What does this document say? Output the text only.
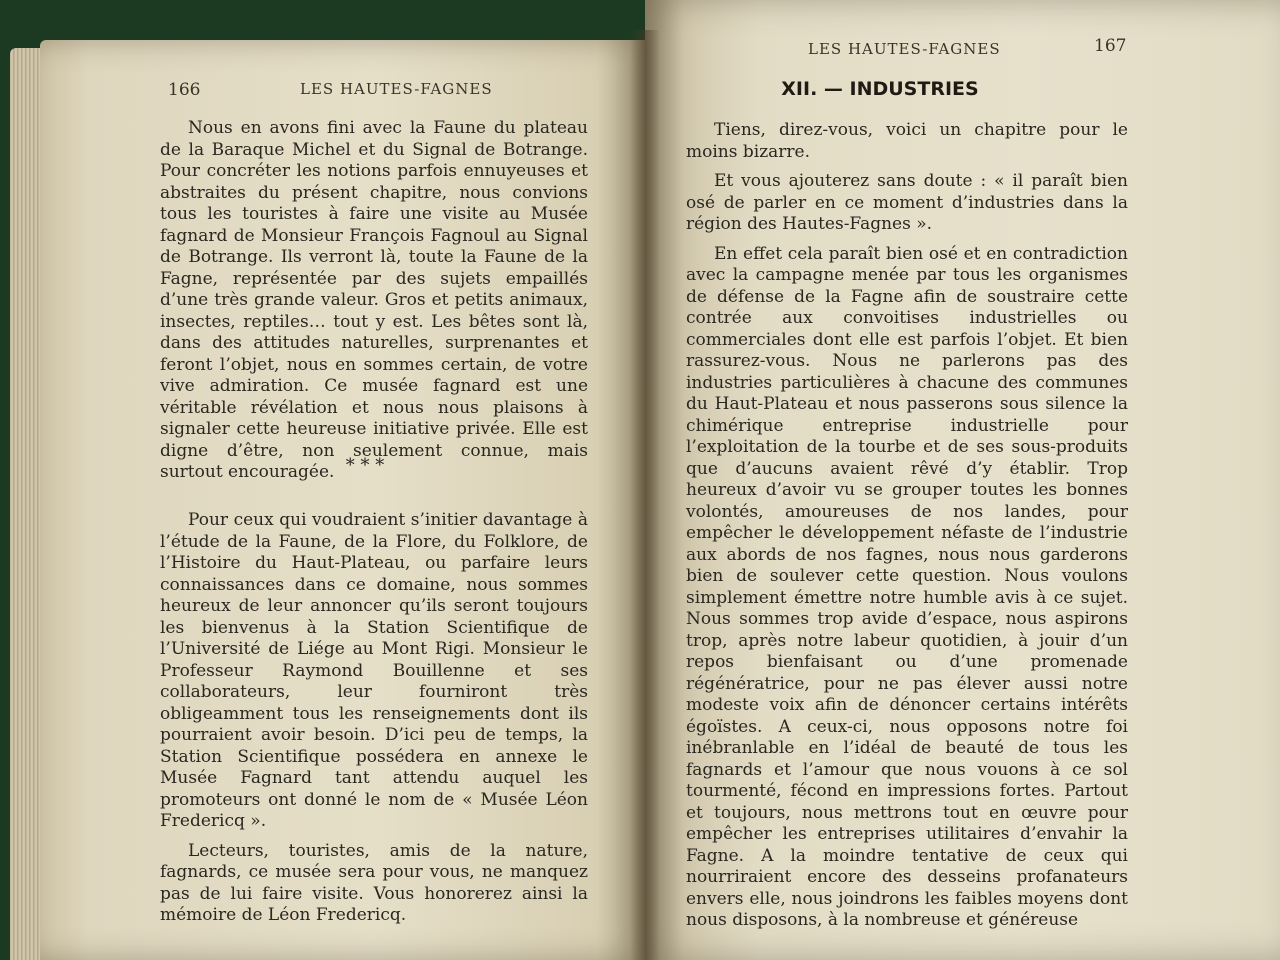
166	LES HAUTES-FAGNES

Nous en avons fini avec la Faune du plateau de la Baraque Michel et du Signal de Botrange. Pour concréter les notions parfois ennuyeuses et abstraites du présent chapitre, nous convions tous les touristes à faire une visite au Musée fagnard de Monsieur François Fagnoul au Signal de Botrange. Ils verront là, toute la Faune de la Fagne, représentée par des sujets empaillés d’une très grande valeur. Gros et petits animaux, insectes, reptiles… tout y est. Les bêtes sont là, dans des attitudes naturelles, surprenantes et feront l’objet, nous en sommes certain, de votre vive admiration. Ce musée fagnard est une véritable révélation et nous nous plaisons à signaler cette heureuse initiative privée. Elle est digne d’être, non seulement connue, mais surtout encouragée. * * *

Pour ceux qui voudraient s’initier davantage à l’étude de la Faune, de la Flore, du Folklore, de l’Histoire du Haut-Plateau, ou parfaire leurs connaissances dans ce domaine, nous sommes heureux de leur annoncer qu’ils seront toujours les bienvenus à la Station Scientifique de l’Université de Liége au Mont Rigi. Monsieur le Professeur Raymond Bouillenne et ses collaborateurs, leur fourniront très obligeamment tous les renseignements dont ils pourraient avoir besoin. D’ici peu de temps, la Station Scientifique possédera en annexe le Musée Fagnard tant attendu auquel les promoteurs ont donné le nom de « Musée Léon Fredericq ».

Lecteurs, touristes, amis de la nature, fagnards, ce musée sera pour vous, ne manquez pas de lui faire visite. Vous honorerez ainsi la mémoire de Léon Fredericq.

LES HAUTES-FAGNES	167
XII. — INDUSTRIES

Tiens, direz-vous, voici un chapitre pour le moins bizarre.

Et vous ajouterez sans doute : « il paraît bien osé de parler en ce moment d’industries dans la région des Hautes-Fagnes ».

En effet cela paraît bien osé et en contradiction avec la campagne menée par tous les organismes de défense de la Fagne afin de soustraire cette contrée aux convoitises industrielles ou commerciales dont elle est parfois l’objet. Et bien rassurez-vous. Nous ne parlerons pas des industries particulières à chacune des communes du Haut-Plateau et nous passerons sous silence la chimérique entreprise industrielle pour l’exploitation de la tourbe et de ses sous-produits que d’aucuns avaient rêvé d’y établir. Trop heureux d’avoir vu se grouper toutes les bonnes volontés, amoureuses de nos landes, pour empêcher le développement néfaste de l’industrie aux abords de nos fagnes, nous nous garderons bien de soulever cette question. Nous voulons simplement émettre notre humble avis à ce sujet. Nous sommes trop avide d’espace, nous aspirons trop, après notre labeur quotidien, à jouir d’un repos bienfaisant ou d’une promenade régénératrice, pour ne pas élever aussi notre modeste voix afin de dénoncer certains intérêts égoïstes. A ceux-ci, nous opposons notre foi inébranlable en l’idéal de beauté de tous les fagnards et l’amour que nous vouons à ce sol tourmenté, fécond en impressions fortes. Partout et toujours, nous mettrons tout en œuvre pour empêcher les entreprises utilitaires d’envahir la Fagne. A la moindre tentative de ceux qui nourriraient encore des desseins profanateurs envers elle, nous joindrons les faibles moyens dont nous disposons, à la nombreuse et généreuse
